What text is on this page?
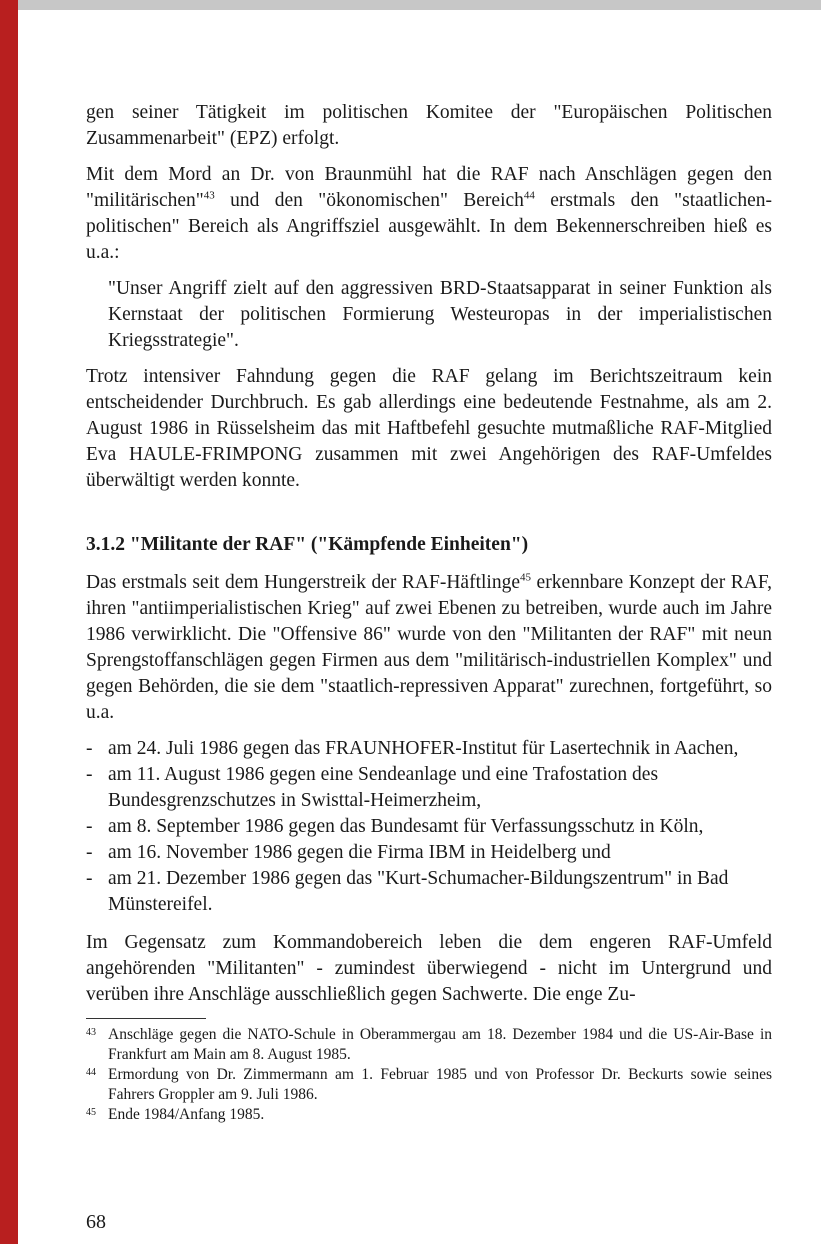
gen seiner Tätigkeit im politischen Komitee der "Europäischen Politischen Zusammenarbeit" (EPZ) erfolgt.

Mit dem Mord an Dr. von Braunmühl hat die RAF nach Anschlägen gegen den "militärischen"$^{43}$ und den "ökonomischen" Bereich$^{44}$ erstmals den "staatlichen-politischen" Bereich als Angriffsziel ausgewählt. In dem Bekennerschreiben hieß es u.a.:

"Unser Angriff zielt auf den aggressiven BRD-Staatsapparat in seiner Funktion als Kernstaat der politischen Formierung Westeuropas in der imperialistischen Kriegsstrategie".

Trotz intensiver Fahndung gegen die RAF gelang im Berichtszeitraum kein entscheidender Durchbruch. Es gab allerdings eine bedeutende Festnahme, als am 2. August 1986 in Rüsselsheim das mit Haftbefehl gesuchte mutmaßliche RAF-Mitglied Eva HAULE-FRIMPONG zusammen mit zwei Angehörigen des RAF-Umfeldes überwältigt werden konnte.

3.1.2 "Militante der RAF" ("Kämpfende Einheiten")

Das erstmals seit dem Hungerstreik der RAF-Häftlinge$^{45}$ erkennbare Konzept der RAF, ihren "antiimperialistischen Krieg" auf zwei Ebenen zu betreiben, wurde auch im Jahre 1986 verwirklicht. Die "Offensive 86" wurde von den "Militanten der RAF" mit neun Sprengstoffanschlägen gegen Firmen aus dem "militärisch-industriellen Komplex" und gegen Behörden, die sie dem "staatlich-repressiven Apparat" zurechnen, fortgeführt, so u.a.

- am 24. Juli 1986 gegen das FRAUNHOFER-Institut für Lasertechnik in Aachen,
- am 11. August 1986 gegen eine Sendeanlage und eine Trafostation des Bundesgrenzschutzes in Swisttal-Heimerzheim,
- am 8. September 1986 gegen das Bundesamt für Verfassungsschutz in Köln,
- am 16. November 1986 gegen die Firma IBM in Heidelberg und
- am 21. Dezember 1986 gegen das "Kurt-Schumacher-Bildungszentrum" in Bad Münstereifel.

Im Gegensatz zum Kommandobereich leben die dem engeren RAF-Umfeld angehörenden "Militanten" - zumindest überwiegend - nicht im Untergrund und verüben ihre Anschläge ausschließlich gegen Sachwerte. Die enge Zu-

43 Anschläge gegen die NATO-Schule in Oberammergau am 18. Dezember 1984 und die US-Air-Base in Frankfurt am Main am 8. August 1985.
44 Ermordung von Dr. Zimmermann am 1. Februar 1985 und von Professor Dr. Beckurts sowie seines Fahrers Groppler am 9. Juli 1986.
45 Ende 1984/Anfang 1985.
68
